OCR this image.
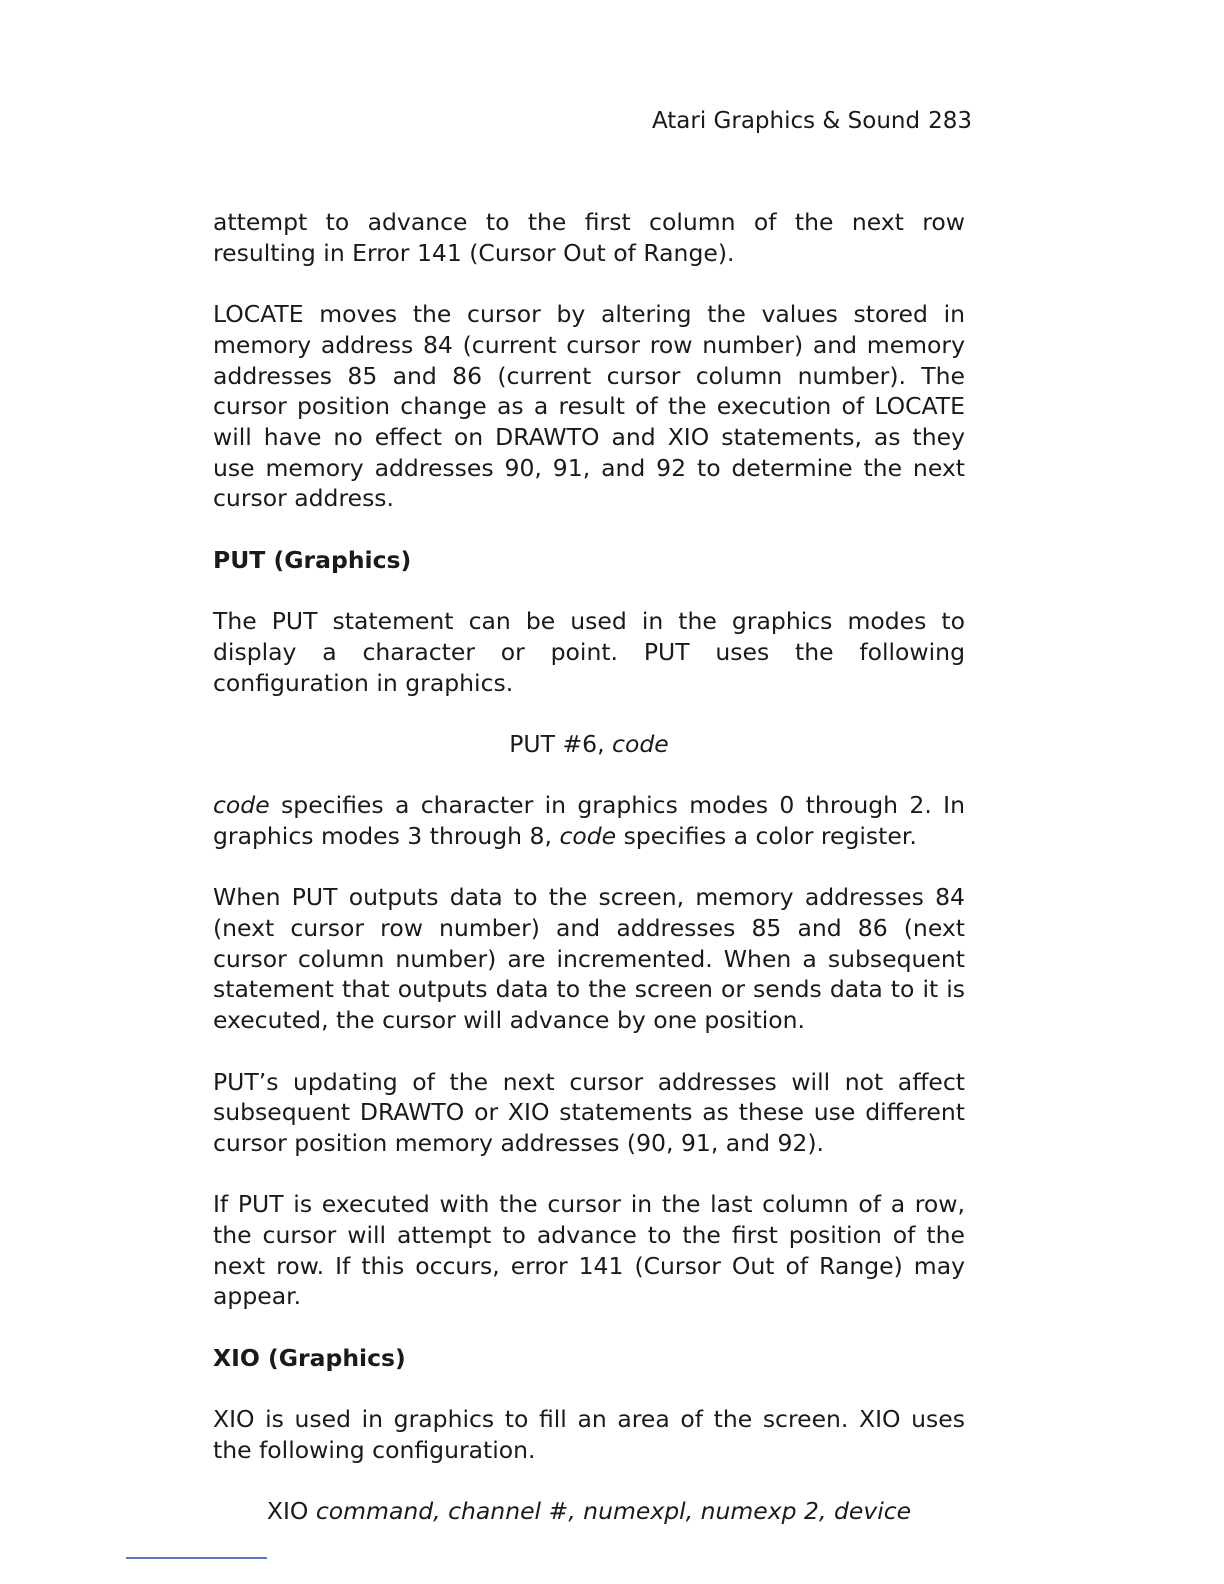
Atari Graphics & Sound 283

attempt to advance to the first column of the next row resulting in Error 141 (Cursor Out of Range).

LOCATE moves the cursor by altering the values stored in memory address 84 (current cursor row number) and memory addresses 85 and 86 (current cursor column number). The cursor position change as a result of the execution of LOCATE will have no effect on DRAWTO and XIO statements, as they use memory addresses 90, 91, and 92 to determine the next cursor address.

PUT (Graphics)

The PUT statement can be used in the graphics modes to display a character or point. PUT uses the following configuration in graphics.

PUT #6, code

code specifies a character in graphics modes 0 through 2. In graphics modes 3 through 8, code specifies a color register.

When PUT outputs data to the screen, memory addresses 84 (next cursor row number) and addresses 85 and 86 (next cursor column number) are incremented. When a subsequent statement that outputs data to the screen or sends data to it is executed, the cursor will advance by one position.

PUT’s updating of the next cursor addresses will not affect subsequent DRAWTO or XIO statements as these use different cursor position memory addresses (90, 91, and 92).

If PUT is executed with the cursor in the last column of a row, the cursor will attempt to advance to the first position of the next row. If this occurs, error 141 (Cursor Out of Range) may appear.

XIO (Graphics)

XIO is used in graphics to fill an area of the screen. XIO uses the following configuration.

XIO command, channel #, numexpl, numexp 2, device
